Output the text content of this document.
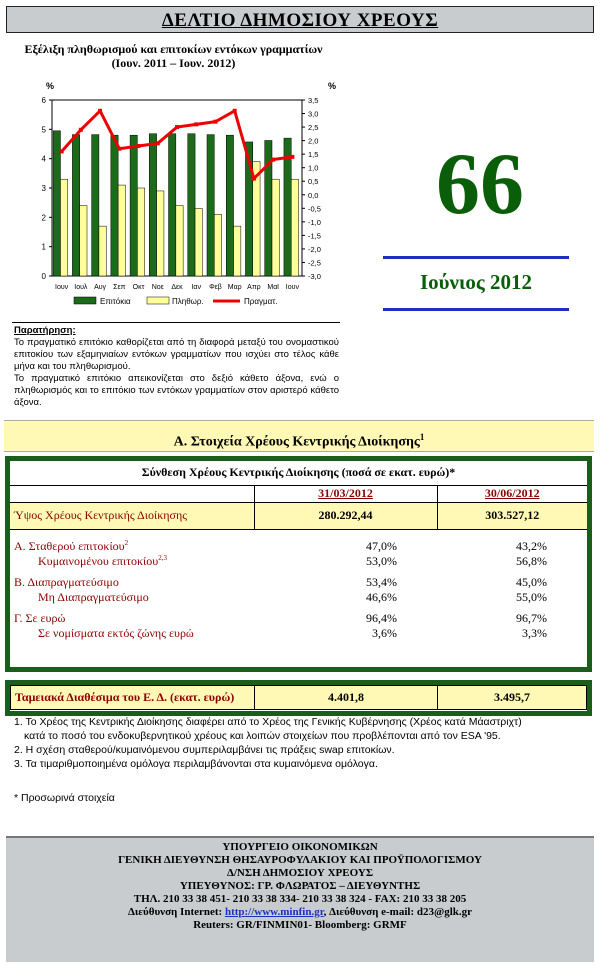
ΔΕΛΤΙΟ ΔΗΜΟΣΙΟΥ ΧΡΕΟΥΣ
Εξέλιξη πληθωρισμού και επιτοκίων εντόκων γραμματίων
(Ιουν. 2011 – Ιουν. 2012)
%	%
0
1
2
3
4
5
6
-3,0
-2,5
-2,0
-1,5
-1,0
-0,5
0,0
0,5
1,0
1,5
2,0
2,5
3,0
3,5
Ιουν Ιουλ Αυγ Σεπ Οκτ Νοε Δεκ Ιαν Φεβ Μαρ Απρ Μαϊ Ιουν
Επιτόκια	Πληθωρ.	Πραγματ.
Παρατήρηση:
Το πραγματικό επιτόκιο καθορίζεται από τη διαφορά μεταξύ του ονομαστικού επιτοκίου των εξαμηνιαίων εντόκων γραμματίων που ισχύει στο τέλος κάθε μήνα και του πληθωρισμού.
Το πραγματικό επιτόκιο απεικονίζεται στο δεξιό κάθετο άξονα, ενώ ο πληθωρισμός και το επιτόκιο των εντόκων γραμματίων στον αριστερό κάθετο άξονα.
66
Ιούνιος 2012
Α. Στοιχεία Χρέους Κεντρικής Διοίκησης$^1$
Σύνθεση Χρέους Κεντρικής Διοίκησης (ποσά σε εκατ. ευρώ)*		
	31/03/2012	30/06/2012
Ύψος Χρέους Κεντρικής Διοίκησης	280.292,44	303.527,12

Α. Σταθερού επιτοκίου$^2$	47,0%	43,2%
Κυμαινομένου επιτοκίου$^{2,3}$	53,0%	56,8%

Β. Διαπραγματεύσιμο	53,4%	45,0%
Μη Διαπραγματεύσιμο	46,6%	55,0%

Γ. Σε ευρώ	96,4%	96,7%
Σε νομίσματα εκτός ζώνης ευρώ	3,6%	3,3%
Ταμειακά Διαθέσιμα του Ε. Δ. (εκατ. ευρώ)	4.401,8	3.495,7

1. Το Χρέος της Κεντρικής Διοίκησης διαφέρει από το Χρέος της Γενικής Κυβέρνησης (Χρέος κατά Μάαστριχτ)

κατά το ποσό του ενδοκυβερνητικού χρέους και λοιπών στοιχείων που προβλέπονται από τον ESA '95.

2. Η σχέση σταθερού/κυμαινόμενου συμπεριλαμβάνει τις πράξεις swap επιτοκίων.

3. Τα τιμαριθμοποιημένα ομόλογα περιλαμβάνονται στα κυμαινόμενα ομόλογα.

* Προσωρινά στοιχεία
ΥΠΟΥΡΓΕΙΟ ΟΙΚΟΝΟΜΙΚΩΝ
ΓΕΝΙΚΗ ΔΙΕΥΘΥΝΣΗ ΘΗΣΑΥΡΟΦΥΛΑΚΙΟΥ ΚΑΙ ΠΡΟΫΠΟΛΟΓΙΣΜΟΥ
Δ/ΝΣΗ ΔΗΜΟΣΙΟΥ ΧΡΕΟΥΣ
ΥΠΕΥΘΥΝΟΣ: ΓΡ. ΦΛΩΡΑΤΟΣ – ΔΙΕΥΘΥΝΤΗΣ
ΤΗΛ. 210 33 38 451- 210 33 38 334- 210 33 38 324 - FAX: 210 33 38 205
Διεύθυνση Internet: http://www.minfin.gr, Διεύθυνση e-mail: d23@glk.gr
Reuters: GR/FINMIN01- Bloomberg: GRMF
